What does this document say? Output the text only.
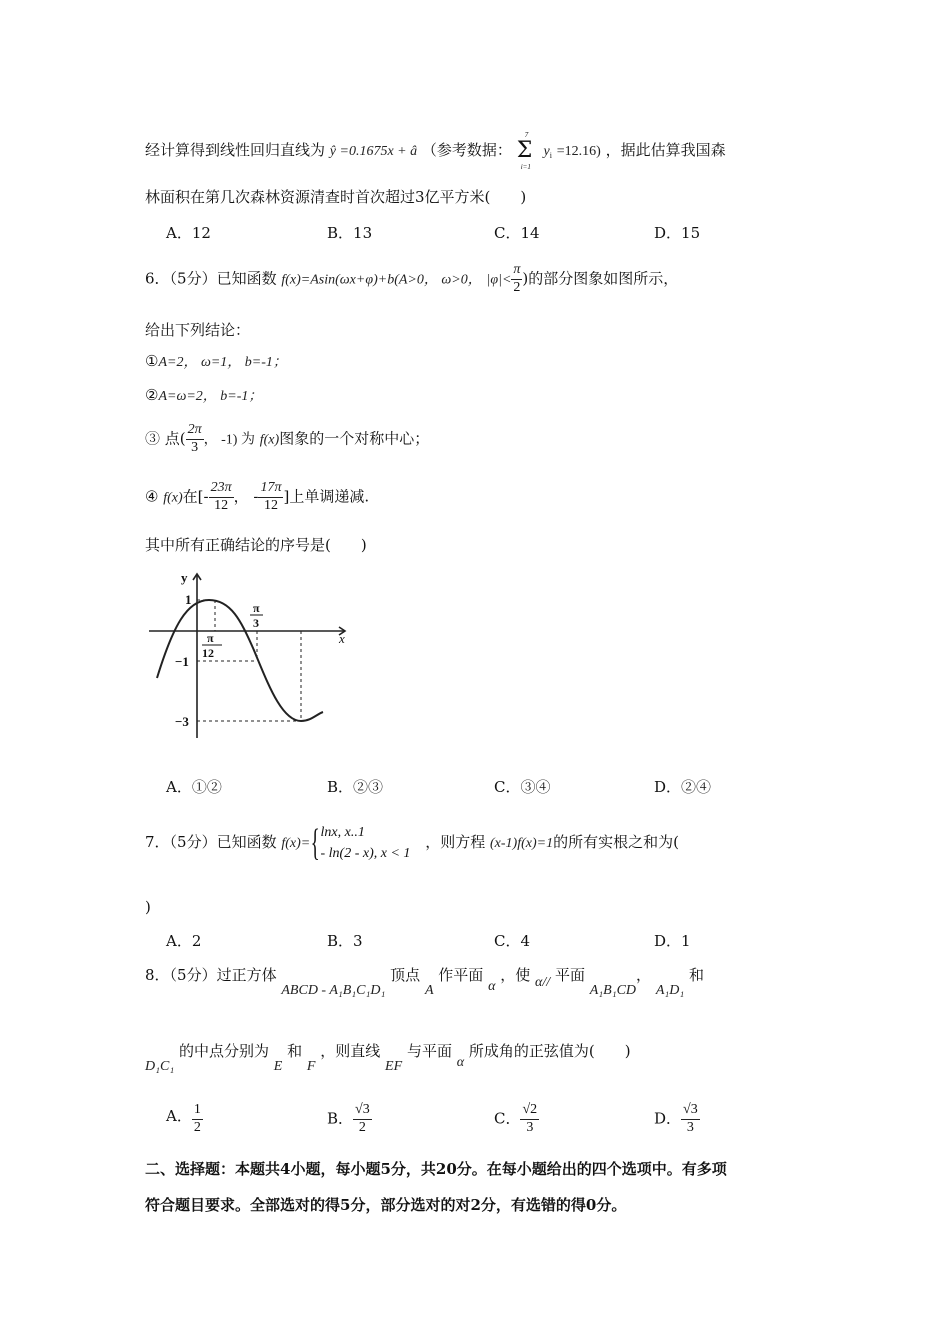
经计算得到线性回归直线为 ŷ =0.1675x + â （参考数据：
7
Σ
i=1
$y_i =12.16$) ，据此估算我国森
林面积在第几次森林资源清查时首次超过3亿平方米(　　)
A．12	B．13	C．14	D．15
6．（5分）已知函数 f(x)=Asin(ωx+φ)+b(A>0， ω>0， $|\varphi|< \frac{\pi}{2}$ )的部分图象如图所示，
给出下列结论：
①A=2， ω=1， b=-1；
②A=ω=2， b=-1；
③ 点( $\frac{2\pi}{3}$ ， -1) 为 f(x)图象的一个对称中心；
④ f(x)在[- $\frac{23\pi}{12}$ ， - $\frac{17\pi}{12}$ ]上单调递减.
其中所有正确结论的序号是(　　)
y
x
1
−1
−3
π
12
π
3
A．①②	B．②③	C．③④	D．②④
7．（5分）已知函数 f(x)={ lnx, x..1
- ln(2 - x), x < 1
，则方程 (x-1)f(x)=1的所有实根之和为(
)
A．2	B．3	C．4	D．1
8．（5分）过正方体 ABCD - A₁B₁C₁D₁ 顶点 A 作平面 α ，使 α// 平面 A₁B₁CD， A₁D₁ 和
D₁C₁ 的中点分别为 E 和 F ，则直线 EF 与平面 α 所成角的正弦值为(　　)
A． $\frac{1}{2}$	B． $\frac{√3}{2}$	C． $\frac{√2}{3}$	D． $\frac{√3}{3}$
二、选择题：本题共4小题，每小题5分，共20分。在每小题给出的四个选项中。有多项
符合题目要求。全部选对的得5分，部分选对的对2分，有选错的得0分。
